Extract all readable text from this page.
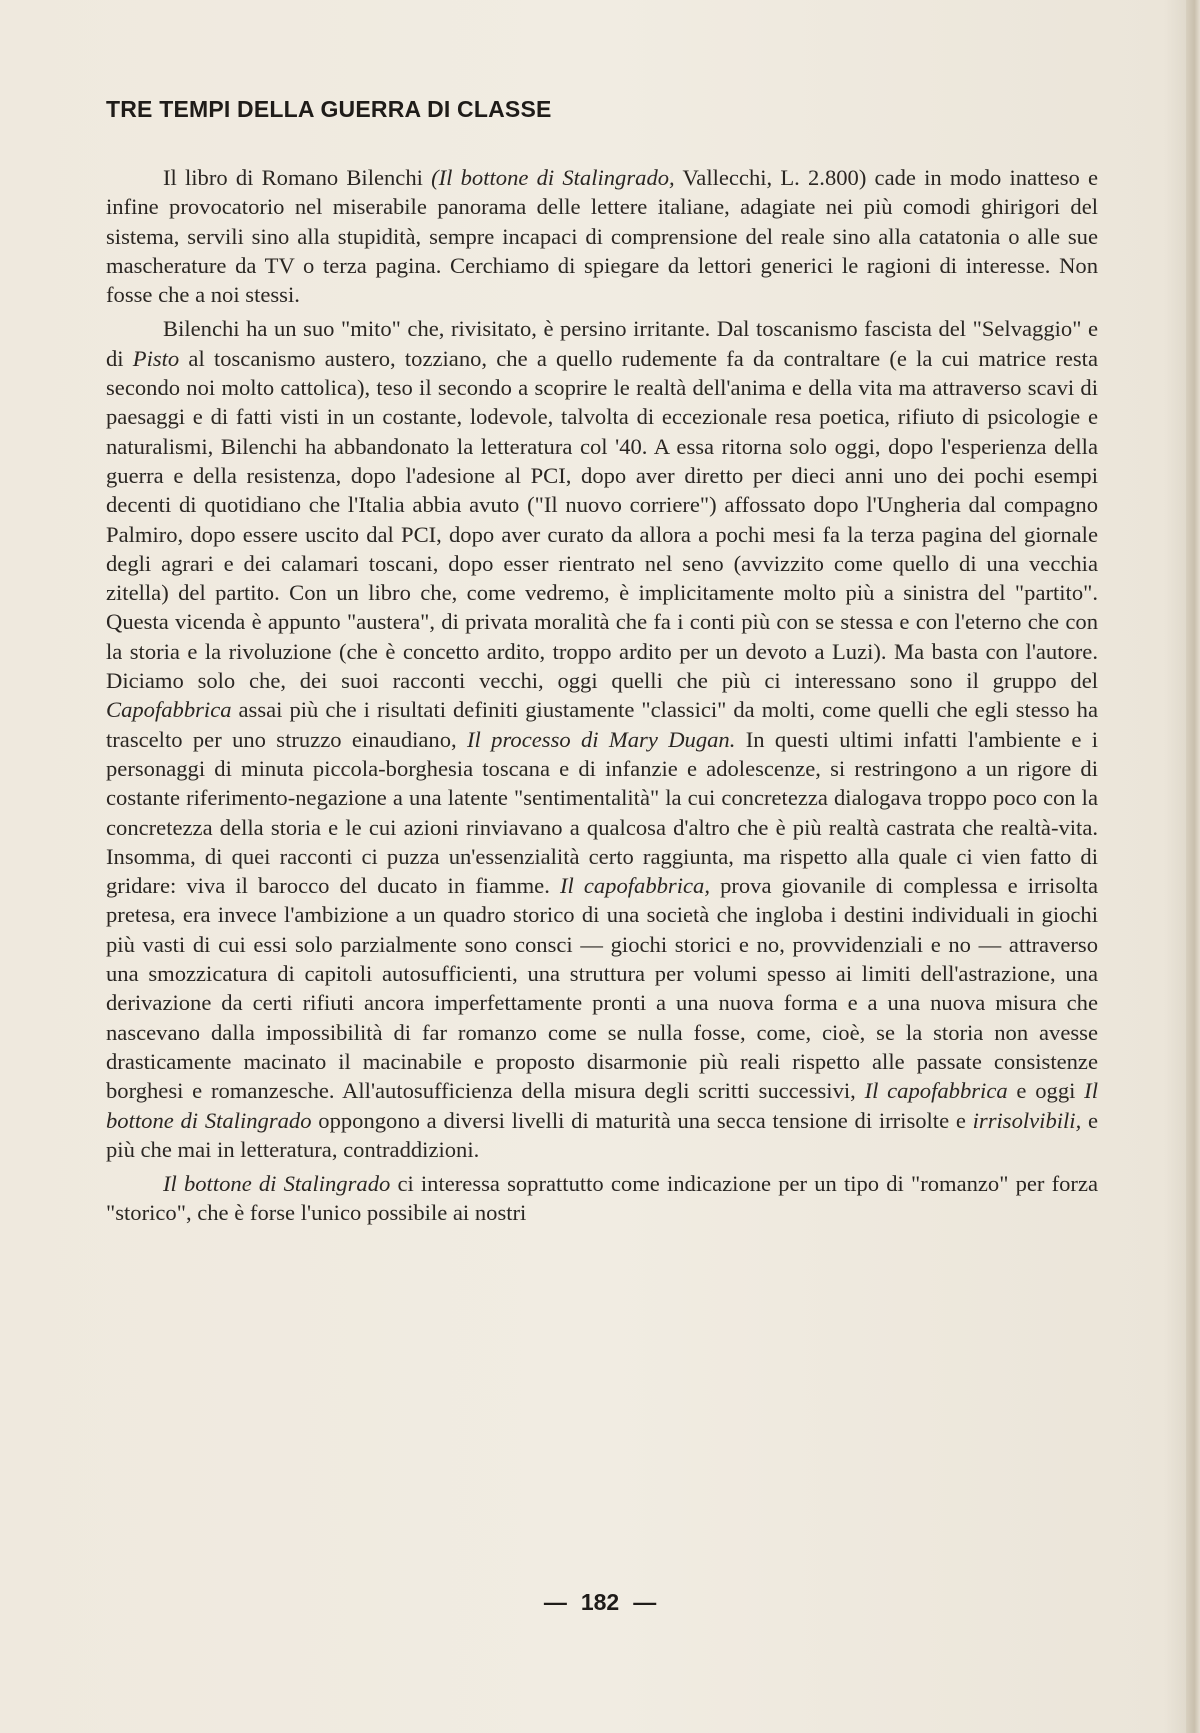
TRE TEMPI DELLA GUERRA DI CLASSE

Il libro di Romano Bilenchi (Il bottone di Stalingrado, Vallecchi, L. 2.800) cade in modo inatteso e infine provocatorio nel miserabile panorama delle lettere italiane, adagiate nei più comodi ghirigori del sistema, servili sino alla stupidità, sempre incapaci di comprensione del reale sino alla catatonia o alle sue mascherature da TV o terza pagina. Cerchiamo di spiegare da lettori generici le ragioni di interesse. Non fosse che a noi stessi.

Bilenchi ha un suo "mito" che, rivisitato, è persino irritante. Dal toscanismo fascista del "Selvaggio" e di Pisto al toscanismo austero, tozziano, che a quello rudemente fa da contraltare (e la cui matrice resta secondo noi molto cattolica), teso il secondo a scoprire le realtà dell'anima e della vita ma attraverso scavi di paesaggi e di fatti visti in un costante, lodevole, talvolta di eccezionale resa poetica, rifiuto di psicologie e naturalismi, Bilenchi ha abbandonato la letteratura col '40. A essa ritorna solo oggi, dopo l'esperienza della guerra e della resistenza, dopo l'adesione al PCI, dopo aver diretto per dieci anni uno dei pochi esempi decenti di quotidiano che l'Italia abbia avuto ("Il nuovo corriere") affossato dopo l'Ungheria dal compagno Palmiro, dopo essere uscito dal PCI, dopo aver curato da allora a pochi mesi fa la terza pagina del giornale degli agrari e dei calamari toscani, dopo esser rientrato nel seno (avvizzito come quello di una vecchia zitella) del partito. Con un libro che, come vedremo, è implicitamente molto più a sinistra del "partito". Questa vicenda è appunto "austera", di privata moralità che fa i conti più con se stessa e con l'eterno che con la storia e la rivoluzione (che è concetto ardito, troppo ardito per un devoto a Luzi). Ma basta con l'autore. Diciamo solo che, dei suoi racconti vecchi, oggi quelli che più ci interessano sono il gruppo del Capofabbrica assai più che i risultati definiti giustamente "classici" da molti, come quelli che egli stesso ha trascelto per uno struzzo einaudiano, Il processo di Mary Dugan. In questi ultimi infatti l'ambiente e i personaggi di minuta piccola-borghesia toscana e di infanzie e adolescenze, si restringono a un rigore di costante riferimento-negazione a una latente "sentimentalità" la cui concretezza dialogava troppo poco con la concretezza della storia e le cui azioni rinviavano a qualcosa d'altro che è più realtà castrata che realtà-vita. Insomma, di quei racconti ci puzza un'essenzialità certo raggiunta, ma rispetto alla quale ci vien fatto di gridare: viva il barocco del ducato in fiamme. Il capofabbrica, prova giovanile di complessa e irrisolta pretesa, era invece l'ambizione a un quadro storico di una società che ingloba i destini individuali in giochi più vasti di cui essi solo parzialmente sono consci — giochi storici e no, provvidenziali e no — attraverso una smozzicatura di capitoli autosufficienti, una struttura per volumi spesso ai limiti dell'astrazione, una derivazione da certi rifiuti ancora imperfettamente pronti a una nuova forma e a una nuova misura che nascevano dalla impossibilità di far romanzo come se nulla fosse, come, cioè, se la storia non avesse drasticamente macinato il macinabile e proposto disarmonie più reali rispetto alle passate consistenze borghesi e romanzesche. All'autosufficienza della misura degli scritti successivi, Il capofabbrica e oggi Il bottone di Stalingrado oppongono a diversi livelli di maturità una secca tensione di irrisolte e irrisolvibili, e più che mai in letteratura, contraddizioni.

Il bottone di Stalingrado ci interessa soprattutto come indicazione per un tipo di "romanzo" per forza "storico", che è forse l'unico possibile ai nostri

— 182 —
